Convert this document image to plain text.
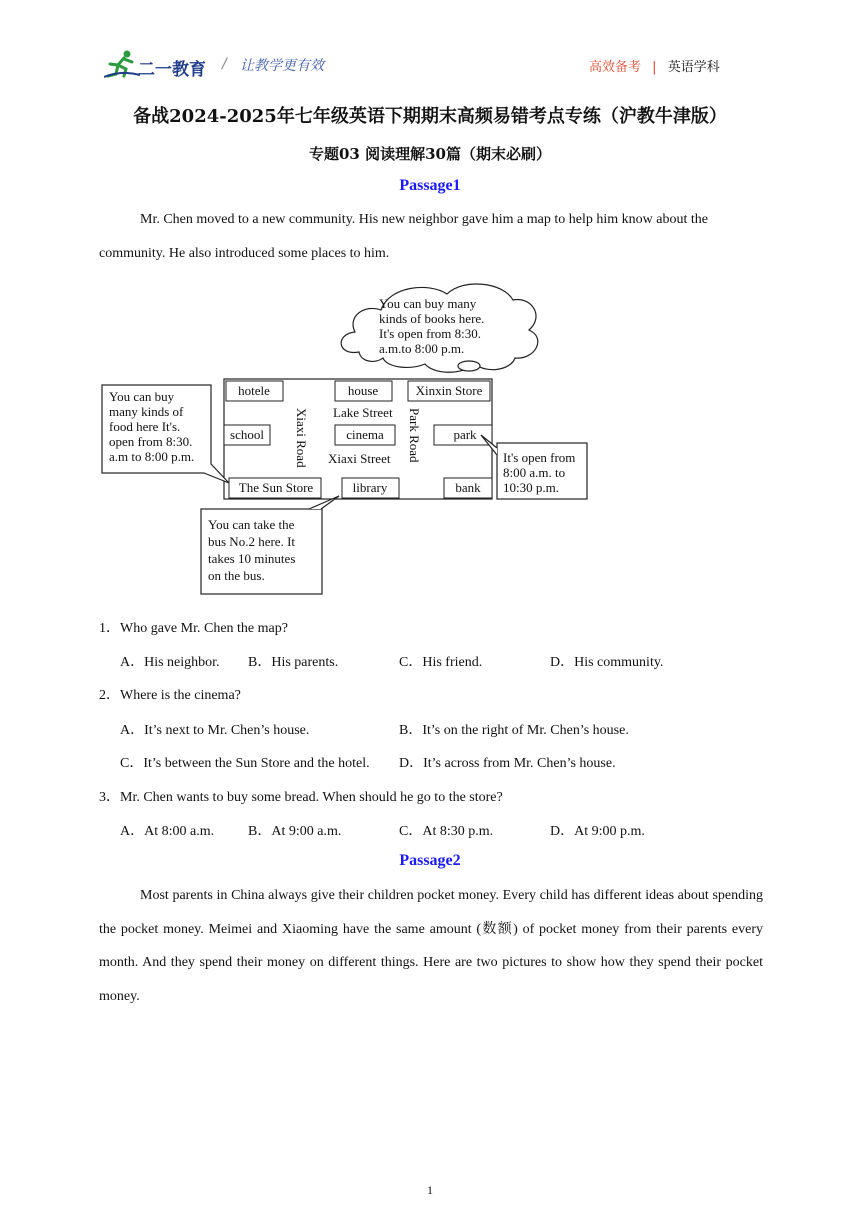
二一教育 / 让教学更有效	高效备考 | 英语学科
备战2024-2025年七年级英语下期期末高频易错考点专练（沪教牛津版）
专题03 阅读理解30篇（期末必刷）
Passage1
Mr. Chen moved to a new community. His new neighbor gave him a map to help him know about the
community. He also introduced some places to him.
You can buy many
kinds of books here.
It's open from 8:30.
a.m.to 8:00 p.m.
hotele	house	Xinxin Store
school	cinema	park
The Sun Store	library	bank
Lake Street
Xiaxi Street
Xiaxi Road	Park Road
You can buy
many kinds of
food here It's.
open from 8:30.
a.m to 8:00 p.m.	It's open from
8:00 a.m. to
10:30 p.m.
You can take the
bus No.2 here. It
takes 10 minutes
on the bus.
1．Who gave Mr. Chen the map?
A．His neighbor. B．His parents.	C．His friend.	D．His community.
2．Where is the cinema?
A．It’s next to Mr. Chen’s house.	B．It’s on the right of Mr. Chen’s house.
C．It’s between the Sun Store and the hotel. D．It’s across from Mr. Chen’s house.
3．Mr. Chen wants to buy some bread. When should he go to the store?
A．At 8:00 a.m. B．At 9:00 a.m.	C．At 8:30 p.m.	D．At 9:00 p.m.
Passage2
Most parents in China always give their children pocket money. Every child has different ideas about spending the pocket money. Meimei and Xiaoming have the same amount (数额) of pocket money from their parents every month. And they spend their money on different things. Here are two pictures to show how they spend their pocket money.
1
